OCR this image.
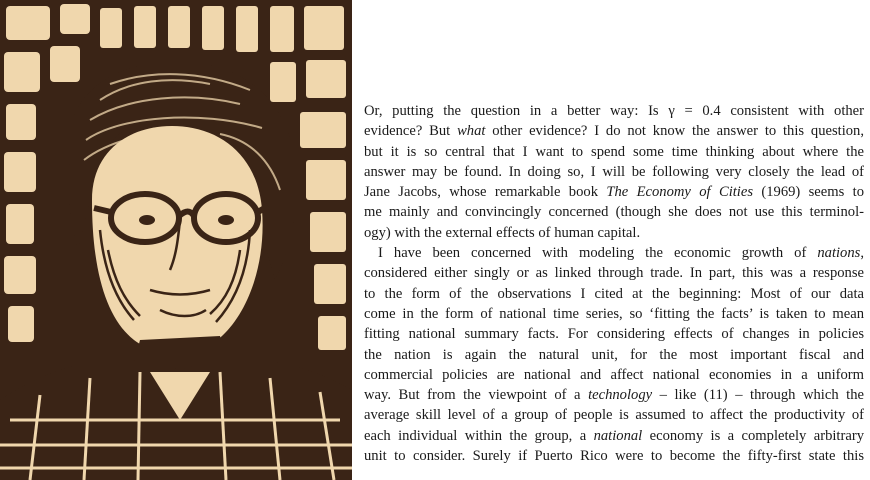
Or, putting the question in a better way: Is γ = 0.4 consistent with other
evidence? But what other evidence? I do not know the answer to this question,
but it is so central that I want to spend some time thinking about where the
answer may be found. In doing so, I will be following very closely the lead of
Jane Jacobs, whose remarkable book The Economy of Cities (1969) seems to
me mainly and convincingly concerned (though she does not use this terminol-
ogy) with the external effects of human capital.

I have been concerned with modeling the economic growth of nations,
considered either singly or as linked through trade. In part, this was a response
to the form of the observations I cited at the beginning: Most of our data
come in the form of national time series, so ‘fitting the facts’ is taken to mean
fitting national summary facts. For considering effects of changes in policies
the nation is again the natural unit, for the most important fiscal and
commercial policies are national and affect national economies in a uniform
way. But from the viewpoint of a technology – like (11) – through which the
average skill level of a group of people is assumed to affect the productivity of
each individual within the group, a national economy is a completely arbitrary
unit to consider. Surely if Puerto Rico were to become the fifty-first state this
